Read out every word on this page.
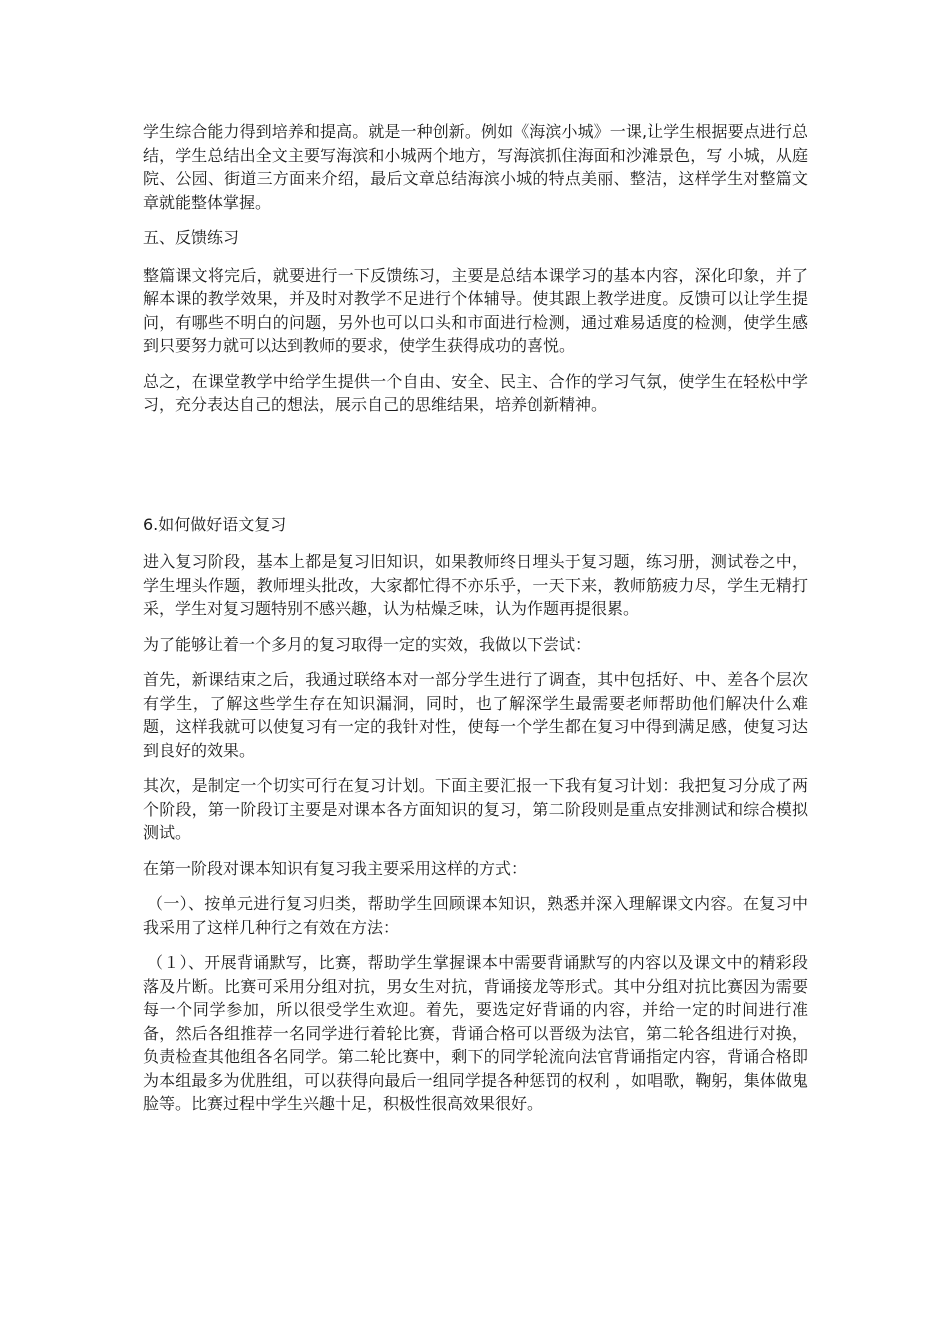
学生综合能力得到培养和提高。就是一种创新。例如《海滨小城》一课,让学生根据要点进行总结，学生总结出全文主要写海滨和小城两个地方，写海滨抓住海面和沙滩景色，写 小城，从庭院、公园、街道三方面来介绍，最后文章总结海滨小城的特点美丽、整洁，这样学生对整篇文章就能整体掌握。

五、反馈练习

整篇课文将完后，就要进行一下反馈练习，主要是总结本课学习的基本内容，深化印象，并了解本课的教学效果，并及时对教学不足进行个体辅导。使其跟上教学进度。反馈可以让学生提问，有哪些不明白的问题，另外也可以口头和市面进行检测，通过难易适度的检测，使学生感到只要努力就可以达到教师的要求，使学生获得成功的喜悦。

总之，在课堂教学中给学生提供一个自由、安全、民主、合作的学习气氛，使学生在轻松中学习，充分表达自己的想法，展示自己的思维结果，培养创新精神。

6.如何做好语文复习

进入复习阶段，基本上都是复习旧知识，如果教师终日埋头于复习题，练习册，测试卷之中，学生埋头作题，教师埋头批改，大家都忙得不亦乐乎，一天下来，教师筋疲力尽，学生无精打采，学生对复习题特别不感兴趣，认为枯燥乏味，认为作题再提很累。

为了能够让着一个多月的复习取得一定的实效，我做以下尝试：

首先，新课结束之后，我通过联络本对一部分学生进行了调查，其中包括好、中、差各个层次有学生，了解这些学生存在知识漏洞，同时，也了解深学生最需要老师帮助他们解决什么难题，这样我就可以使复习有一定的我针对性，使每一个学生都在复习中得到满足感，使复习达到良好的效果。

其次，是制定一个切实可行在复习计划。下面主要汇报一下我有复习计划：我把复习分成了两个阶段，第一阶段订主要是对课本各方面知识的复习，第二阶段则是重点安排测试和综合模拟测试。

在第一阶段对课本知识有复习我主要采用这样的方式：

（一）、按单元进行复习归类，帮助学生回顾课本知识，熟悉并深入理解课文内容。在复习中我采用了这样几种行之有效在方法：

（１）、开展背诵默写，比赛，帮助学生掌握课本中需要背诵默写的内容以及课文中的精彩段落及片断。比赛可采用分组对抗，男女生对抗，背诵接龙等形式。其中分组对抗比赛因为需要每一个同学参加，所以很受学生欢迎。着先，要选定好背诵的内容，并给一定的时间进行准备，然后各组推荐一名同学进行着轮比赛，背诵合格可以晋级为法官，第二轮各组进行对换，负责检查其他组各名同学。第二轮比赛中，剩下的同学轮流向法官背诵指定内容，背诵合格即为本组最多为优胜组，可以获得向最后一组同学提各种惩罚的权利 ，如唱歌，鞠躬，集体做鬼脸等。比赛过程中学生兴趣十足，积极性很高效果很好。
